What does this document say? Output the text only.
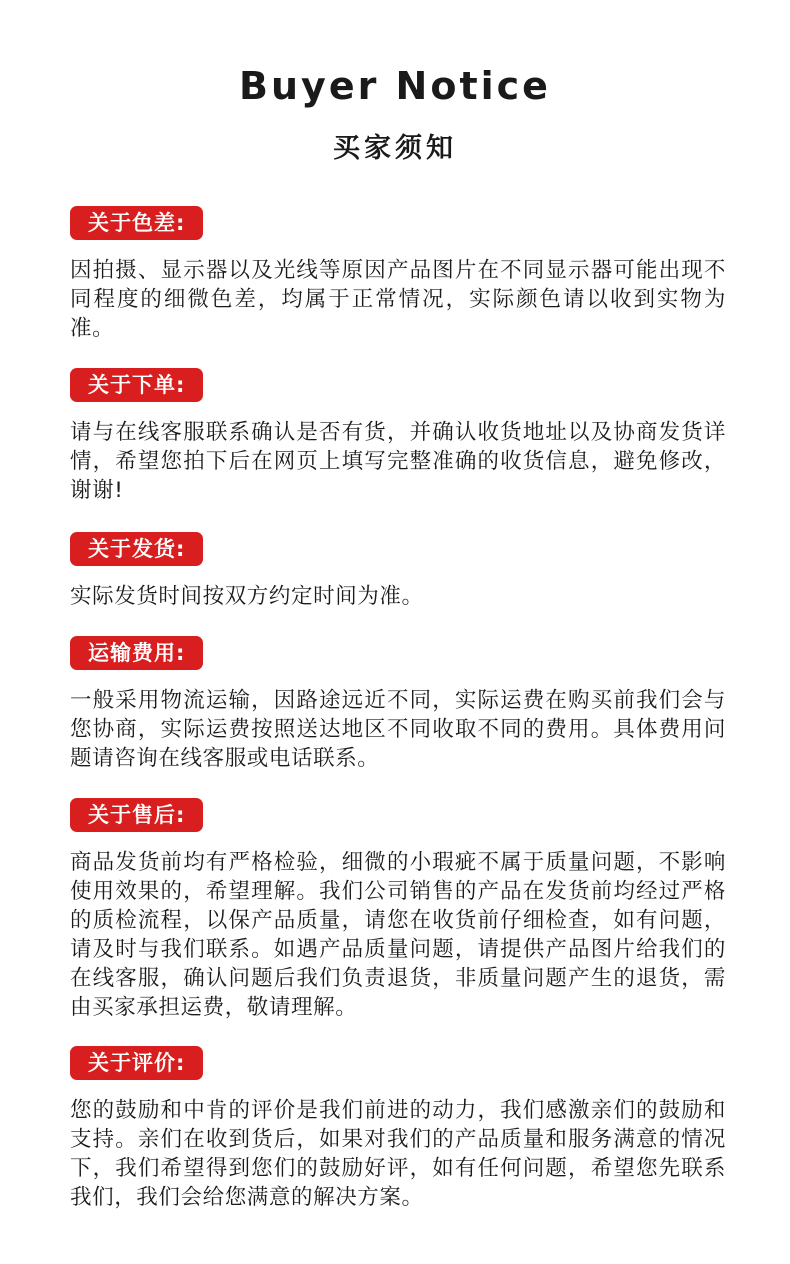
Buyer Notice
买家须知
关于色差:
因拍摄、显示器以及光线等原因产品图片在不同显示器可能出现不同程度的细微色差，均属于正常情况，实际颜色请以收到实物为准。
关于下单:
请与在线客服联系确认是否有货，并确认收货地址以及协商发货详情，希望您拍下后在网页上填写完整准确的收货信息，避免修改，谢谢!
关于发货:
实际发货时间按双方约定时间为准。
运输费用:
一般采用物流运输，因路途远近不同，实际运费在购买前我们会与您协商，实际运费按照送达地区不同收取不同的费用。具体费用问题请咨询在线客服或电话联系。
关于售后:
商品发货前均有严格检验，细微的小瑕疵不属于质量问题，不影响使用效果的，希望理解。我们公司销售的产品在发货前均经过严格的质检流程，以保产品质量，请您在收货前仔细检查，如有问题，请及时与我们联系。如遇产品质量问题，请提供产品图片给我们的在线客服，确认问题后我们负责退货，非质量问题产生的退货，需由买家承担运费，敬请理解。
关于评价:
您的鼓励和中肯的评价是我们前进的动力，我们感激亲们的鼓励和支持。亲们在收到货后，如果对我们的产品质量和服务满意的情况下，我们希望得到您们的鼓励好评，如有任何问题，希望您先联系我们，我们会给您满意的解决方案。
